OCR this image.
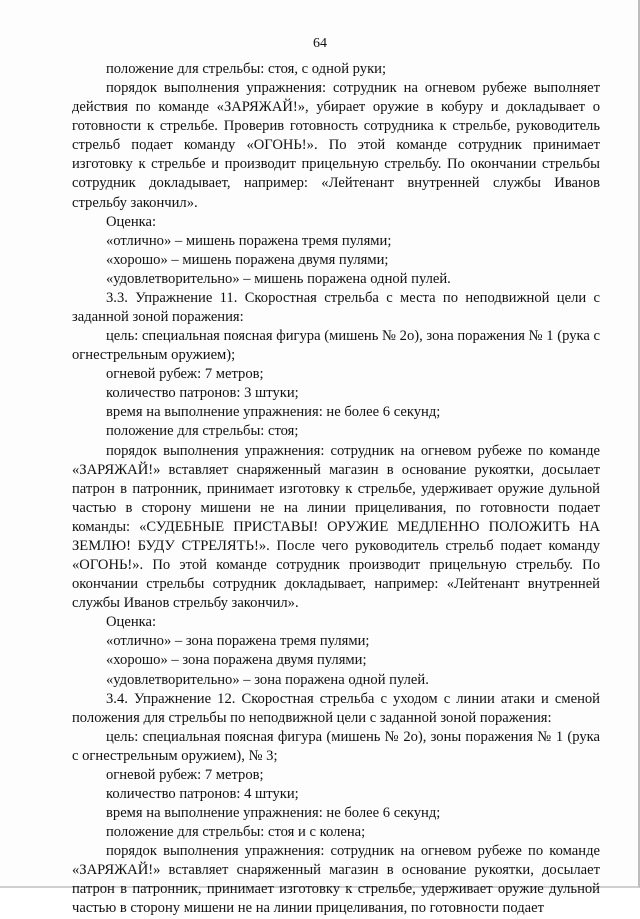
64

положение для стрельбы: стоя, с одной руки;

порядок выполнения упражнения: сотрудник на огневом рубеже выполняет действия по команде «ЗАРЯЖАЙ!», убирает оружие в кобуру и докладывает о готовности к стрельбе. Проверив готовность сотрудника к стрельбе, руководитель стрельб подает команду «ОГОНЬ!». По этой команде сотрудник принимает изготовку к стрельбе и производит прицельную стрельбу. По окончании стрельбы сотрудник докладывает, например: «Лейтенант внутренней службы Иванов стрельбу закончил».

Оценка:

«отлично» – мишень поражена тремя пулями;

«хорошо» – мишень поражена двумя пулями;

«удовлетворительно» – мишень поражена одной пулей.

3.3. Упражнение 11. Скоростная стрельба с места по неподвижной цели с заданной зоной поражения:

цель: специальная поясная фигура (мишень № 2о), зона поражения № 1 (рука с огнестрельным оружием);

огневой рубеж: 7 метров;

количество патронов: 3 штуки;

время на выполнение упражнения: не более 6 секунд;

положение для стрельбы: стоя;

порядок выполнения упражнения: сотрудник на огневом рубеже по команде «ЗАРЯЖАЙ!» вставляет снаряженный магазин в основание рукоятки, досылает патрон в патронник, принимает изготовку к стрельбе, удерживает оружие дульной частью в сторону мишени не на линии прицеливания, по готовности подает команды: «СУДЕБНЫЕ ПРИСТАВЫ! ОРУЖИЕ МЕДЛЕННО ПОЛОЖИТЬ НА ЗЕМЛЮ! БУДУ СТРЕЛЯТЬ!». После чего руководитель стрельб подает команду «ОГОНЬ!». По этой команде сотрудник производит прицельную стрельбу. По окончании стрельбы сотрудник докладывает, например: «Лейтенант внутренней службы Иванов стрельбу закончил».

Оценка:

«отлично» – зона поражена тремя пулями;

«хорошо» – зона поражена двумя пулями;

«удовлетворительно» – зона поражена одной пулей.

3.4. Упражнение 12. Скоростная стрельба с уходом с линии атаки и сменой положения для стрельбы по неподвижной цели с заданной зоной поражения:

цель: специальная поясная фигура (мишень № 2о), зоны поражения № 1 (рука с огнестрельным оружием), № 3;

огневой рубеж: 7 метров;

количество патронов: 4 штуки;

время на выполнение упражнения: не более 6 секунд;

положение для стрельбы: стоя и с колена;

порядок выполнения упражнения: сотрудник на огневом рубеже по команде «ЗАРЯЖАЙ!» вставляет снаряженный магазин в основание рукоятки, досылает патрон в патронник, принимает изготовку к стрельбе, удерживает оружие дульной частью в сторону мишени не на линии прицеливания, по готовности подает
